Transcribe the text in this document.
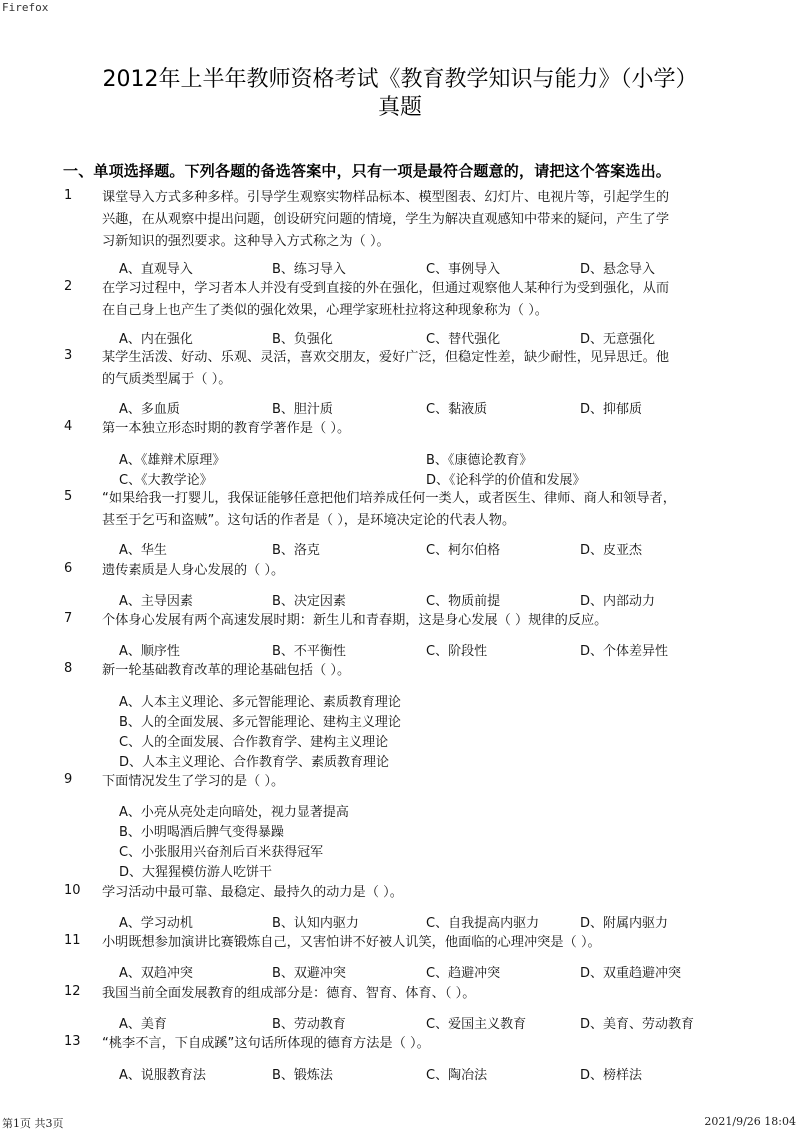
Firefox
2012年上半年教师资格考试《教育教学知识与能力》（小学）
真题
一、单项选择题。下列各题的备选答案中，只有一项是最符合题意的，请把这个答案选出。
1 课堂导入方式多种多样。引导学生观察实物样品标本、模型图表、幻灯片、电视片等，引起学生的
兴趣，在从观察中提出问题，创设研究问题的情境，学生为解决直观感知中带来的疑问，产生了学
习新知识的强烈要求。这种导入方式称之为（ ）。
A、直观导入	B、练习导入	C、事例导入	D、悬念导入
2 在学习过程中，学习者本人并没有受到直接的外在强化，但通过观察他人某种行为受到强化，从而
在自己身上也产生了类似的强化效果，心理学家班杜拉将这种现象称为（ ）。
A、内在强化	B、负强化	C、替代强化	D、无意强化
3 某学生活泼、好动、乐观、灵活，喜欢交朋友，爱好广泛，但稳定性差，缺少耐性，见异思迁。他
的气质类型属于（ ）。
A、多血质	B、胆汁质	C、黏液质	D、抑郁质
4 第一本独立形态时期的教育学著作是（ ）。
A、《雄辩术原理》	B、《康德论教育》
C、《大教学论》	D、《论科学的价值和发展》
5 “如果给我一打婴儿，我保证能够任意把他们培养成任何一类人，或者医生、律师、商人和领导者，
甚至于乞丐和盗贼”。这句话的作者是（ ），是环境决定论的代表人物。
A、华生	B、洛克	C、柯尔伯格	D、皮亚杰
6 遗传素质是人身心发展的（ ）。
A、主导因素	B、决定因素	C、物质前提	D、内部动力
7 个体身心发展有两个高速发展时期：新生儿和青春期，这是身心发展（ ）规律的反应。
A、顺序性	B、不平衡性	C、阶段性	D、个体差异性
8 新一轮基础教育改革的理论基础包括（ ）。
A、人本主义理论、多元智能理论、素质教育理论
B、人的全面发展、多元智能理论、建构主义理论
C、人的全面发展、合作教育学、建构主义理论
D、人本主义理论、合作教育学、素质教育理论
9 下面情况发生了学习的是（ ）。
A、小亮从亮处走向暗处，视力显著提高
B、小明喝酒后脾气变得暴躁
C、小张服用兴奋剂后百米获得冠军
D、大猩猩模仿游人吃饼干
10 学习活动中最可靠、最稳定、最持久的动力是（ ）。
A、学习动机	B、认知内驱力	C、自我提高内驱力	D、附属内驱力
11 小明既想参加演讲比赛锻炼自己，又害怕讲不好被人讥笑，他面临的心理冲突是（ ）。
A、双趋冲突	B、双避冲突	C、趋避冲突	D、双重趋避冲突
12 我国当前全面发展教育的组成部分是：德育、智育、体育、（ ）。
A、美育	B、劳动教育	C、爱国主义教育	D、美育、劳动教育
13 “桃李不言，下自成蹊”这句话所体现的德育方法是（ ）。
A、说服教育法	B、锻炼法	C、陶冶法	D、榜样法
第1页 共3页	2021/9/26 18:04
